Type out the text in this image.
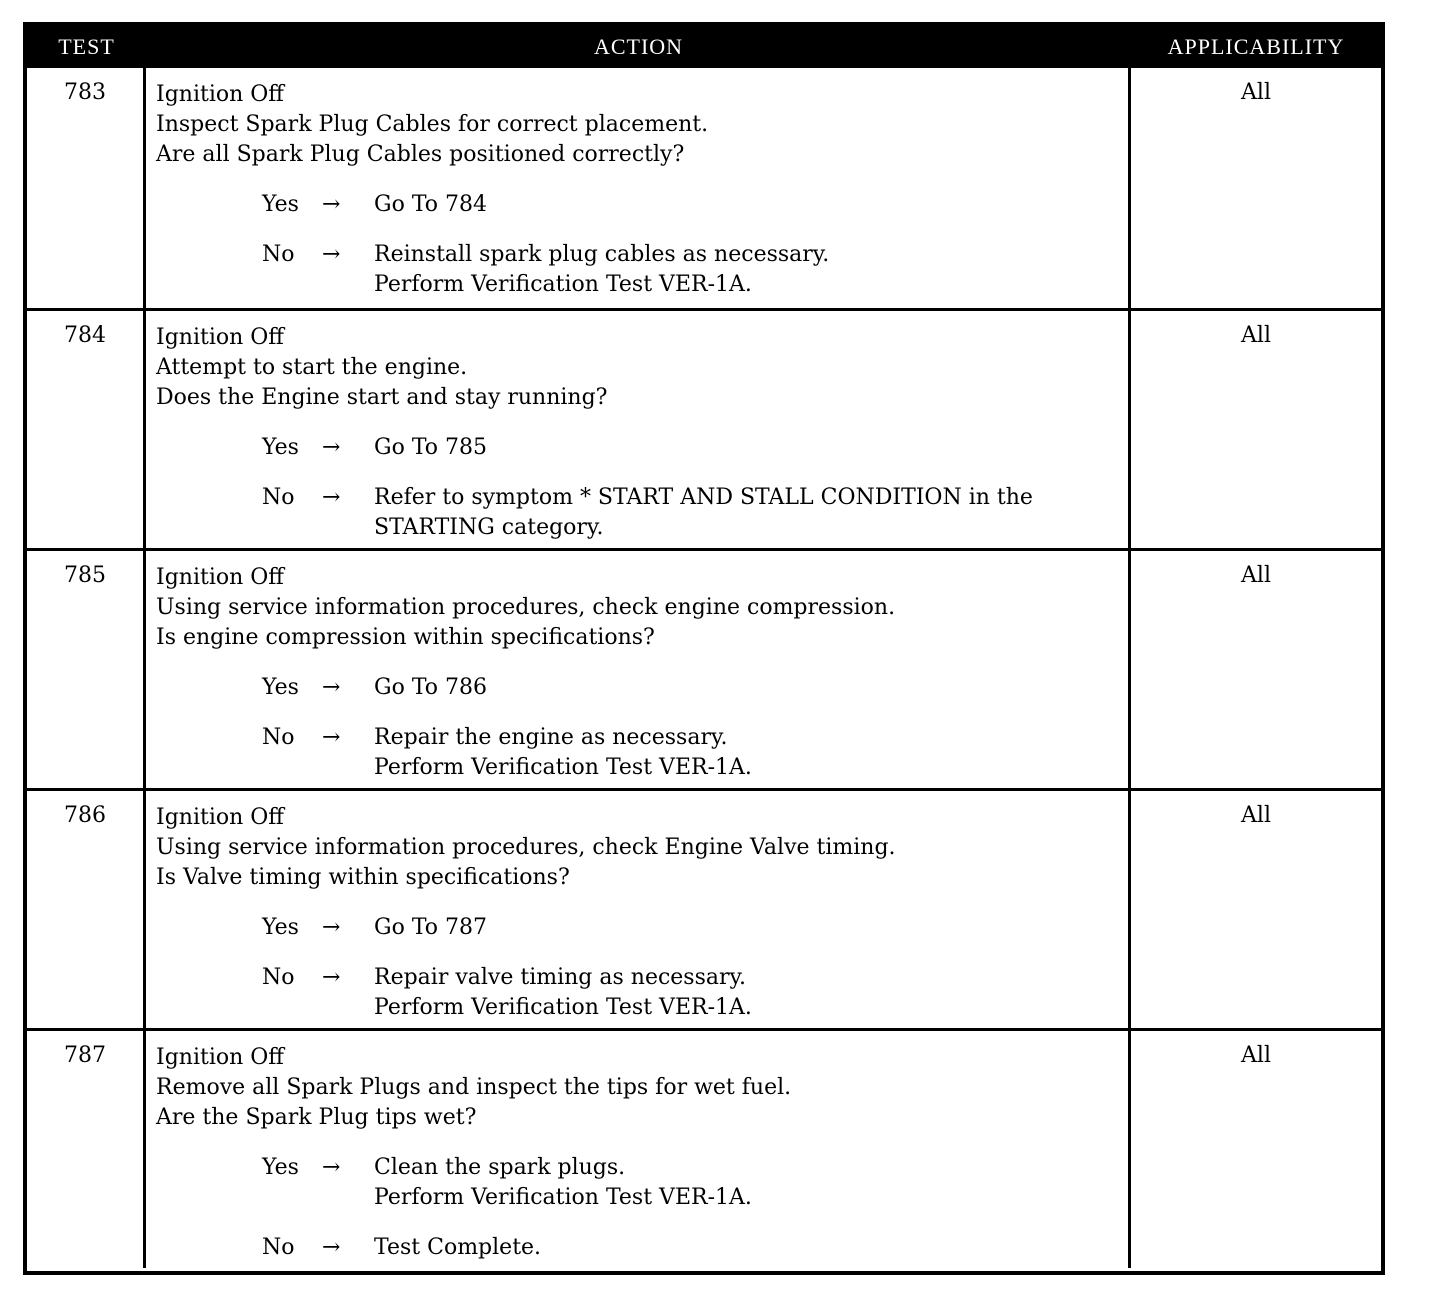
TEST	ACTION	APPLICABILITY
783	Ignition Off
Inspect Spark Plug Cables for correct placement.
Are all Spark Plug Cables positioned correctly?
Yes	→	Go To 784
No	→	Reinstall spark plug cables as necessary.
Perform Verification Test VER-1A.
All
784	Ignition Off
Attempt to start the engine.
Does the Engine start and stay running?
Yes	→	Go To 785
No	→	Refer to symptom * START AND STALL CONDITION in the
STARTING category.
All
785	Ignition Off
Using service information procedures, check engine compression.
Is engine compression within specifications?
Yes	→	Go To 786
No	→	Repair the engine as necessary.
Perform Verification Test VER-1A.
All
786	Ignition Off
Using service information procedures, check Engine Valve timing.
Is Valve timing within specifications?
Yes	→	Go To 787
No	→	Repair valve timing as necessary.
Perform Verification Test VER-1A.
All
787	Ignition Off
Remove all Spark Plugs and inspect the tips for wet fuel.
Are the Spark Plug tips wet?
Yes	→	Clean the spark plugs.
Perform Verification Test VER-1A.
No	→	Test Complete.
All
